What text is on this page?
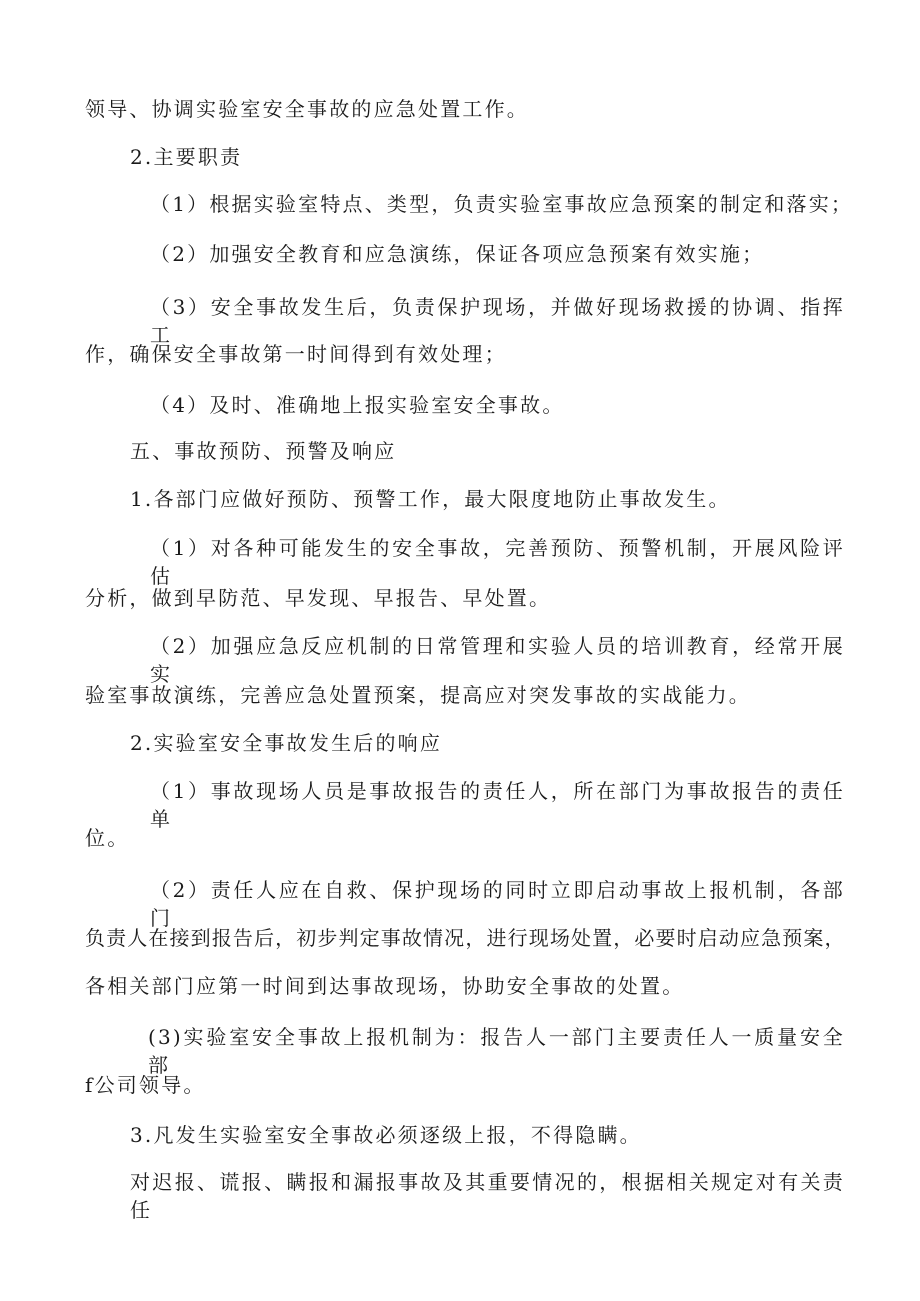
领导、协调实验室安全事故的应急处置工作。
2.主要职责
（1）根据实验室特点、类型，负责实验室事故应急预案的制定和落实；
（2）加强安全教育和应急演练，保证各项应急预案有效实施；
（3）安全事故发生后，负责保护现场，并做好现场救援的协调、指挥工
作，确保安全事故第一时间得到有效处理；
（4）及时、准确地上报实验室安全事故。
五、事故预防、预警及响应
1.各部门应做好预防、预警工作，最大限度地防止事故发生。
（1）对各种可能发生的安全事故，完善预防、预警机制，开展风险评估
分析，做到早防范、早发现、早报告、早处置。
（2）加强应急反应机制的日常管理和实验人员的培训教育，经常开展实
验室事故演练，完善应急处置预案，提高应对突发事故的实战能力。
2.实验室安全事故发生后的响应
（1）事故现场人员是事故报告的责任人，所在部门为事故报告的责任单
位。
（2）责任人应在自救、保护现场的同时立即启动事故上报机制，各部门
负责人在接到报告后，初步判定事故情况，进行现场处置，必要时启动应急预案，
各相关部门应第一时间到达事故现场，协助安全事故的处置。
(3)实验室安全事故上报机制为：报告人一部门主要责任人一质量安全部
f公司领导。
3.凡发生实验室安全事故必须逐级上报，不得隐瞒。
对迟报、谎报、瞒报和漏报事故及其重要情况的，根据相关规定对有关责任
